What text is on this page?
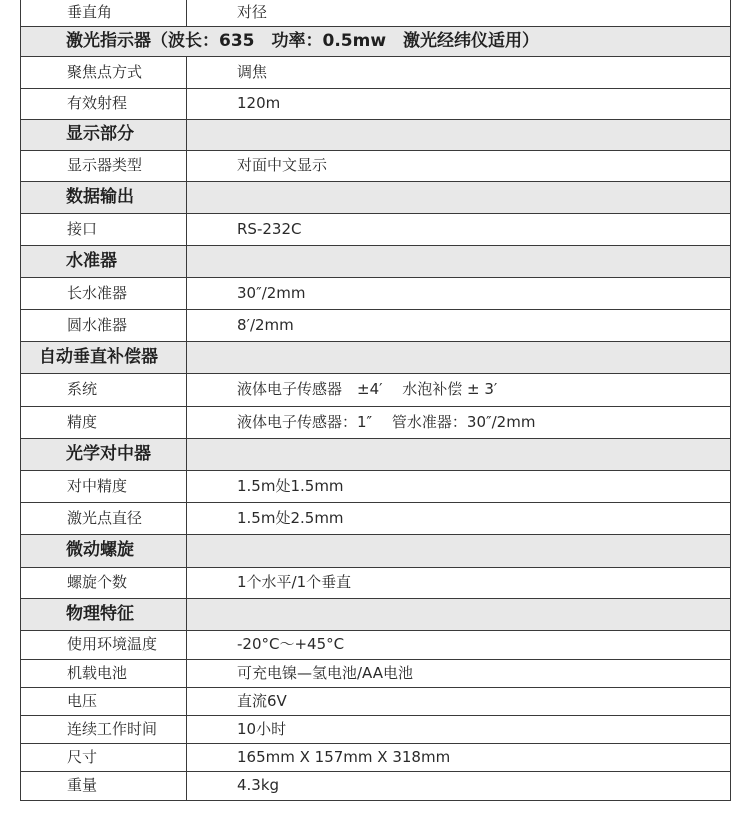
垂直角	对径
激光指示器（波长：635　功率：0.5mw　激光经纬仪适用）	
聚焦点方式	调焦
有效射程	120m
显示部分	
显示器类型	对面中文显示
数据输出	
接口	RS-232C
水准器	
长水准器	30″/2mm
圆水准器	8′/2mm
自动垂直补偿器	
系统	液体电子传感器　±4′　 水泡补偿 ± 3′
精度	液体电子传感器：1″　 管水准器：30″/2mm
光学对中器	
对中精度	1.5m处1.5mm
激光点直径	1.5m处2.5mm
微动螺旋	
螺旋个数	1个水平/1个垂直
物理特征	
使用环境温度	-20°C～+45°C
机载电池	可充电镍—氢电池/AA电池
电压	直流6V
连续工作时间	10小时
尺寸	165mm X 157mm X 318mm
重量	4.3kg
